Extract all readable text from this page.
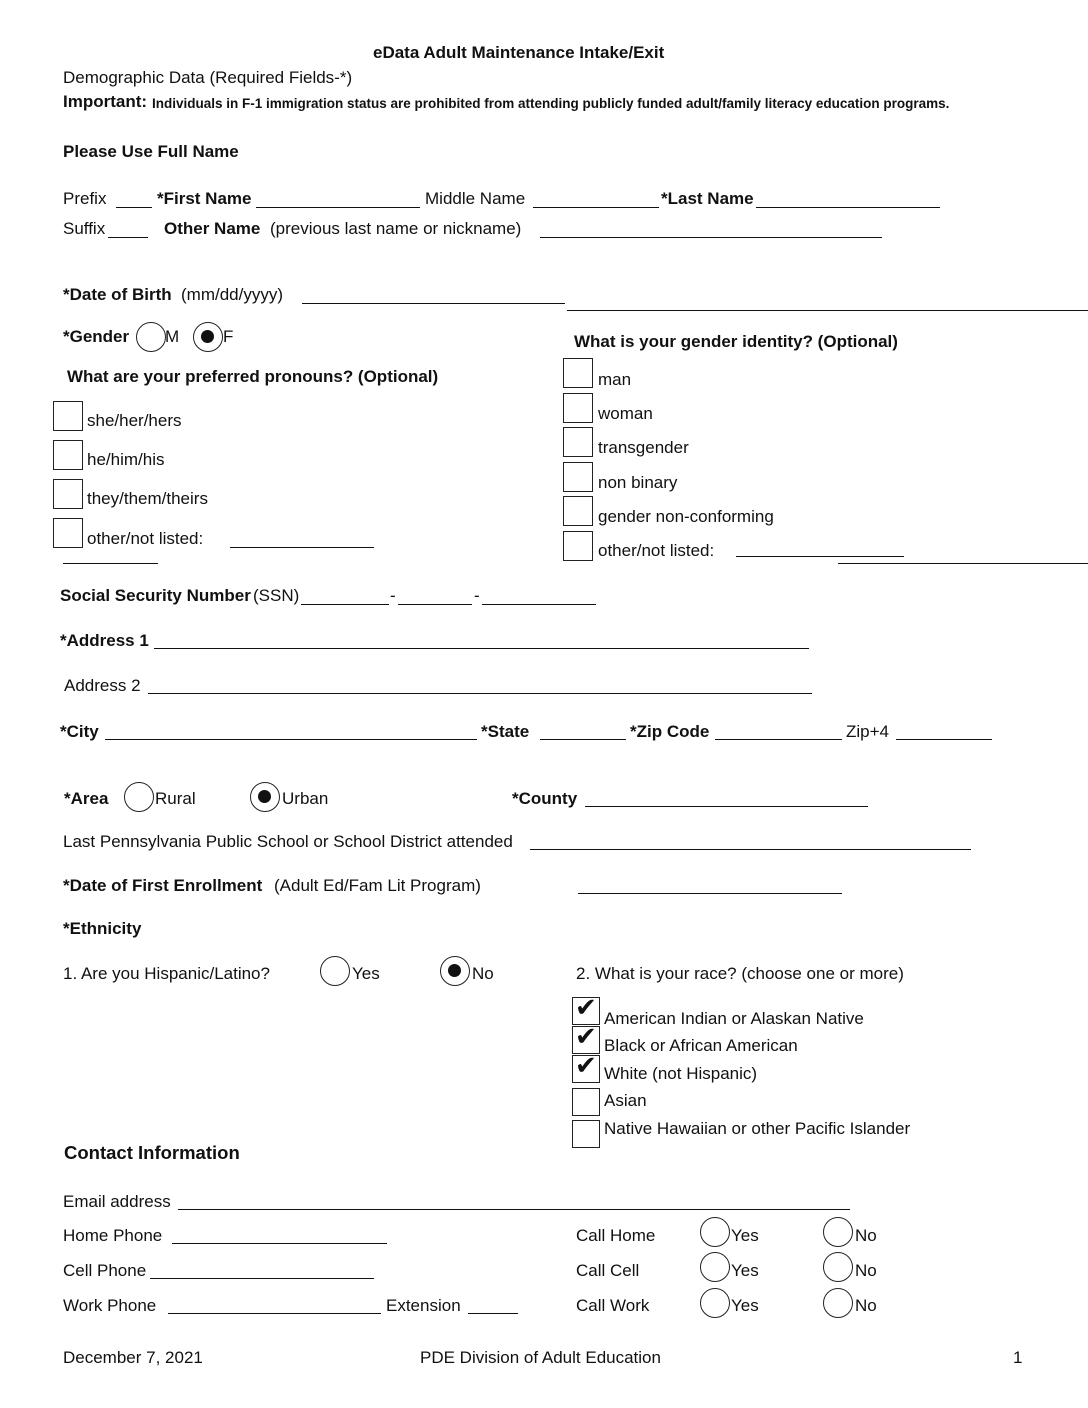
eData Adult Maintenance Intake/Exit
Demographic Data (Required Fields-*)
Important: Individuals in F-1 immigration status are prohibited from attending publicly funded adult/family literacy education programs.
Please Use Full Name
Prefix	*First Name	Middle Name	*Last Name
Suffix	Other Name (previous last name or nickname)
*Date of Birth (mm/dd/yyyy)
*Gender M	F	What is your gender identity? (Optional)
What are your preferred pronouns? (Optional)
she/her/hers
he/him/his
they/them/theirs
other/not listed:
man
woman
transgender
non binary
gender non-conforming
other/not listed:
Social Security Number (SSN)	-	-
*Address 1
Address 2
*City	*State	*Zip Code	Zip+4
*Area	Rural	Urban	*County
Last Pennsylvania Public School or School District attended
*Date of First Enrollment (Adult Ed/Fam Lit Program)
*Ethnicity
1. Are you Hispanic/Latino?	Yes	No	2. What is your race? (choose one or more)
✔ American Indian or Alaskan Native
✔ Black or African American
✔ White (not Hispanic)
Asian
Native Hawaiian or other Pacific Islander
Contact Information
Email address
Home Phone
Cell Phone
Work Phone	Extension
Call Home	Yes	No
Call Cell	Yes	No
Call Work	Yes	No
December 7, 2021	PDE Division of Adult Education	1
